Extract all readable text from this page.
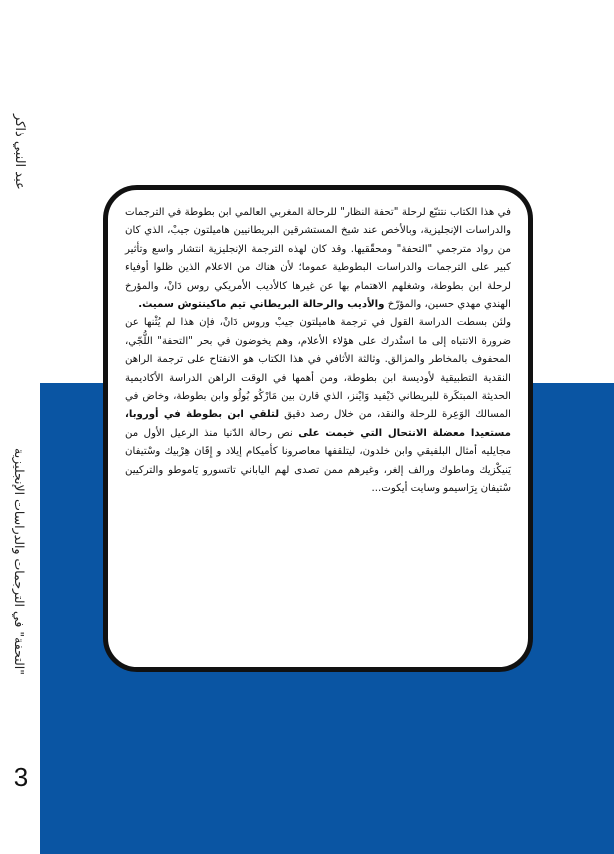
عبد النبي ذاكر
"التحفة" في الترجمات والدراسات الإنجليزية
3

في هذا الكتاب نتتبّع لرحلة "تحفة النظار" للرحالة المغربي العالمي ابن بطوطة في الترجمات والدراسات الإنجليزية، وبالأخص عند شيخ المستشرقين البريطانيين هاميلتون جيبْ، الذي كان من رواد مترجمي "التحفة" ومحقّقيها. وقد كان لهذه الترجمة الإنجليزية انتشار واسع وتأثير كبير على الترجمات والدراسات البطوطية عموما؛ لأن هناك من الاعلام الذين ظلوا أوفياء لرحلة ابن بطوطة، وشغلهم الاهتمام بها عن غيرها كالأديب الأمريكي روس دَانْ، والمؤرخ الهندي مهدي حسين، والمؤرّخ والأديب والرحالة البريطاني تيم ماكينتوش سميث.

ولئن بسطت الدراسة القول في ترجمة هاميلتون جيبْ وروس دَانْ، فإن هذا لم يُثْنها عن ضرورة الانتباه إلى ما استُدرك على هؤلاء الأعلام، وهم يخوضون في بحر "التحفة" اللُّجّي، المحفوف بالمخاطر والمزالق. وثالثة الأثافي في هذا الكتاب هو الانفتاح على ترجمة الراهن النقدية التطبيقية لأوديسة ابن بطوطة، ومن أهمها في الوقت الراهن الدراسة الأكاديمية الحديثة المبتكَرة للبريطاني دَيْفيد وَايْنز، الذي قارن بين مَارْكُو بُولُو وابن بطوطة، وخاض في المسالك الوَعِرة للرحلة والنقد، من خلال رصد دقيق لتلقي ابن بطوطة في أوروبا، مستعيدا معضلة الانتحال التي خيمت على نص رحالة الدّنيا منذ الرعيل الأول من مجايليه أمثال البلفيقي وابن خلدون، ليتلقفها معاصرونا كأميكام إيلاد و إِقَان هِرْبيك وسْتيفان يَنيكْزيك وماطوك ورالف إلغر، وغيرهم ممن تصدى لهم الياباني تاتسورو يَاموطو والتركيين سْتيفان بِرَاسيمو وسايت أيكوت...
